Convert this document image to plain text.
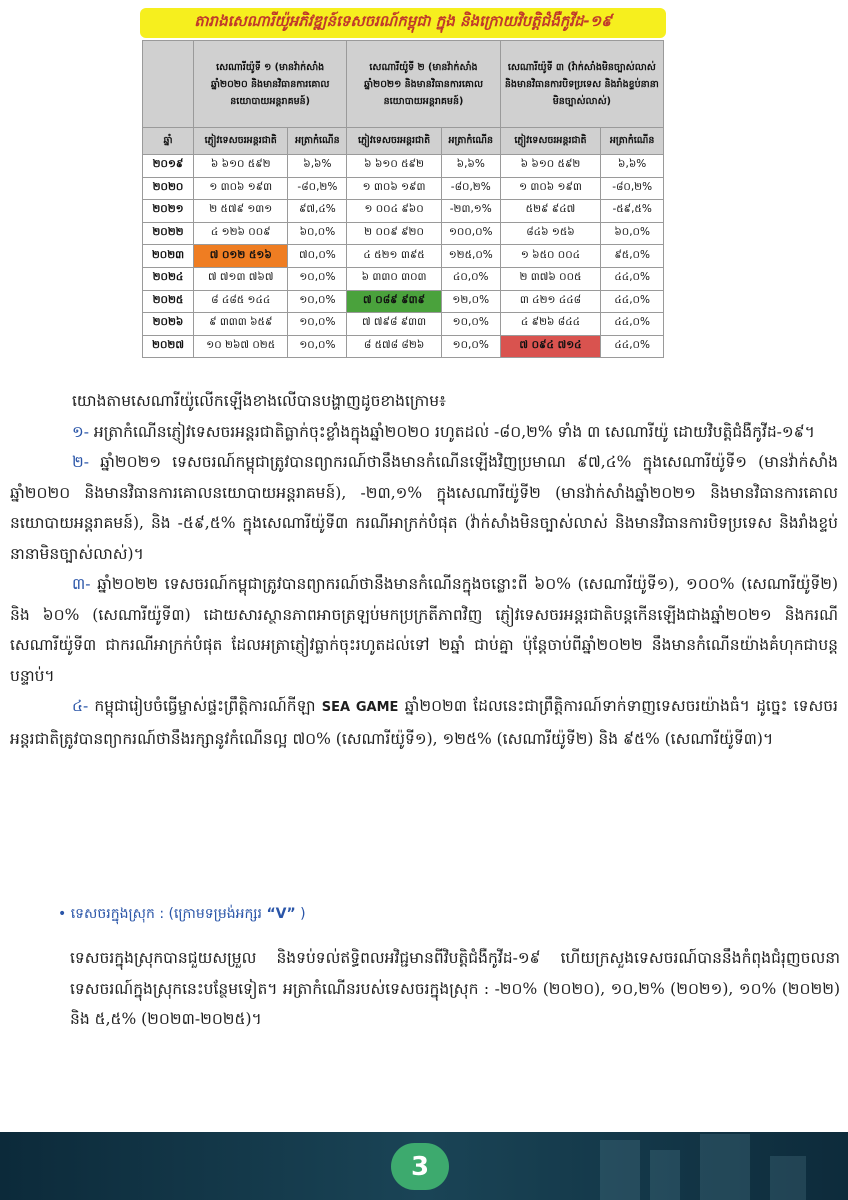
តារាងសេណារីយ៉ូអភិវឌ្ឍន៍ទេសចរណ៍កម្ពុជា ក្នុង និងក្រោយវិបត្តិជំងឺកូវីដ-១៩
	សេណារីយ៉ូទី ១ (មានវ៉ាក់សាំងឆ្នាំ២០២០ និងមានវិធានការគោលនយោបាយអន្តរាគមន៍)		សេណារីយ៉ូទី ២ (មានវ៉ាក់សាំងឆ្នាំ២០២១ និងមានវិធានការគោលនយោបាយអន្តរាគមន៍)		សេណារីយ៉ូទី ៣ (វ៉ាក់សាំងមិនច្បាស់លាស់ និងមានវិធានការបិទប្រទេស និងរាំងខ្ទប់នានាមិនច្បាស់លាស់)	
ឆ្នាំ	ភ្ញៀវទេសចរអន្តរជាតិ	អត្រាកំណើន	ភ្ញៀវទេសចរអន្តរជាតិ	អត្រាកំណើន	ភ្ញៀវទេសចរអន្តរជាតិ	អត្រាកំណើន
២០១៩	៦ ៦១០ ៥៩២	៦,៦%	៦ ៦១០ ៥៩២	៦,៦%	៦ ៦១០ ៥៩២	៦,៦%
២០២០	១ ៣០៦ ១៩៣	-៨០,២%	១ ៣០៦ ១៩៣	-៨០,២%	១ ៣០៦ ១៩៣	-៨០,២%
២០២១	២ ៥៧៩ ១៣១	៩៧,៤%	១ ០០៤ ៩៦០	-២៣,១%	៥២៩ ៩៤៧	-៥៩,៥%
២០២២	៤ ១២៦ ០០៩	៦០,០%	២ ០០៩ ៩២០	១០០,០%	៨៤៦ ១៥៦	៦០,០%
២០២៣	៧ ០១២ ៥១៦	៧០,០%	៤ ៥២១ ៣៩៥	១២៥,០%	១ ៦៥០ ០០៤	៩៥,០%
២០២៤	៧ ៧១៣ ៧៦៧	១០,០%	៦ ៣៣០ ៣០៣	៤០,០%	២ ៣៧៦ ០០៥	៤៤,០%
២០២៥	៨ ៤៨៥ ១៤៤	១០,០%	៧ ០៨៩ ៩៣៩	១២,០%	៣ ៤២១ ៤៤៨	៤៤,០%
២០២៦	៩ ៣៣៣ ៦៥៩	១០,០%	៧ ៧៩៨ ៩៣៣	១០,០%	៤ ៩២៦ ៨៤៤	៤៤,០%
២០២៧	១០ ២៦៧ ០២៥	១០,០%	៨ ៥៧៨ ៨២៦	១០,០%	៧ ០៩៤ ៧១៤	៤៤,០%

យោងតាមសេណារីយ៉ូលើកឡើងខាងលើបានបង្ហាញដូចខាងក្រោម៖

១- អត្រាកំណើនភ្ញៀវទេសចរអន្តរជាតិធ្លាក់ចុះខ្លាំងក្នុងឆ្នាំ២០២០ រហូតដល់ -៨០,២% ទាំង ៣ សេណារីយ៉ូ ដោយវិបត្តិជំងឺកូវីដ-១៩។

២- ឆ្នាំ២០២១ ទេសចរណ៍កម្ពុជាត្រូវបានព្យាករណ៍ថានឹងមានកំណើនឡើងវិញប្រមាណ ៩៧,៤% ក្នុងសេណារីយ៉ូទី១ (មានវ៉ាក់សាំងឆ្នាំ២០២០ និងមានវិធានការគោលនយោបាយអន្តរាគមន៍), -២៣,១% ក្នុងសេណារីយ៉ូទី២ (មានវ៉ាក់សាំងឆ្នាំ២០២១ និងមានវិធានការគោលនយោបាយអន្តរាគមន៍), និង -៥៩,៥% ក្នុងសេណារីយ៉ូទី៣ ករណីអាក្រក់បំផុត (វ៉ាក់សាំងមិនច្បាស់លាស់ និងមានវិធានការបិទប្រទេស និងរាំងខ្ទប់នានាមិនច្បាស់លាស់)។

៣- ឆ្នាំ២០២២ ទេសចរណ៍កម្ពុជាត្រូវបានព្យាករណ៍ថានឹងមានកំណើនក្នុងចន្លោះពី ៦០% (សេណារីយ៉ូទី១), ១០០% (សេណារីយ៉ូទី២) និង ៦០% (សេណារីយ៉ូទី៣) ដោយសារស្ថានភាពអាចត្រឡប់មកប្រក្រតីភាពវិញ ភ្ញៀវទេសចរអន្តរជាតិបន្តកើនឡើងជាងឆ្នាំ២០២១ និងករណីសេណារីយ៉ូទី៣ ជាករណីអាក្រក់បំផុត ដែលអត្រាភ្ញៀវធ្លាក់ចុះរហូតដល់ទៅ ២ឆ្នាំ ជាប់គ្នា ប៉ុន្តែចាប់ពីឆ្នាំ២០២២ នឹងមានកំណើនយ៉ាងគំហុកជាបន្តបន្ទាប់។

៤- កម្ពុជារៀបចំធ្វើម្ចាស់ផ្ទះព្រឹត្តិការណ៍កីឡា SEA GAME ឆ្នាំ២០២៣ ដែលនេះជាព្រឹត្តិការណ៍ទាក់ទាញទេសចរយ៉ាងធំ។ ដូច្នេះ ទេសចរអន្តរជាតិត្រូវបានព្យាករណ៍ថានឹងរក្សានូវកំណើនល្អ ៧០% (សេណារីយ៉ូទី១), ១២៥% (សេណារីយ៉ូទី២) និង ៩៥% (សេណារីយ៉ូទី៣)។

• ទេសចរក្នុងស្រុក : (ក្រោមទម្រង់អក្សរ “V” )
ទេសចរក្នុងស្រុកបានជួយសម្រួល និងទប់ទល់ឥទ្ធិពលអវិជ្ជមានពីវិបត្តិជំងឺកូវីដ-១៩ ហើយក្រសួងទេសចរណ៍បាននឹងកំពុងជំរុញចលនាទេសចរណ៍ក្នុងស្រុកនេះបន្ថែមទៀត។ អត្រាកំណើនរបស់ទេសចរក្នុងស្រុក : -២០% (២០២០), ១០,២% (២០២១), ១០% (២០២២) និង ៥,៥% (២០២៣-២០២៥)។
3
